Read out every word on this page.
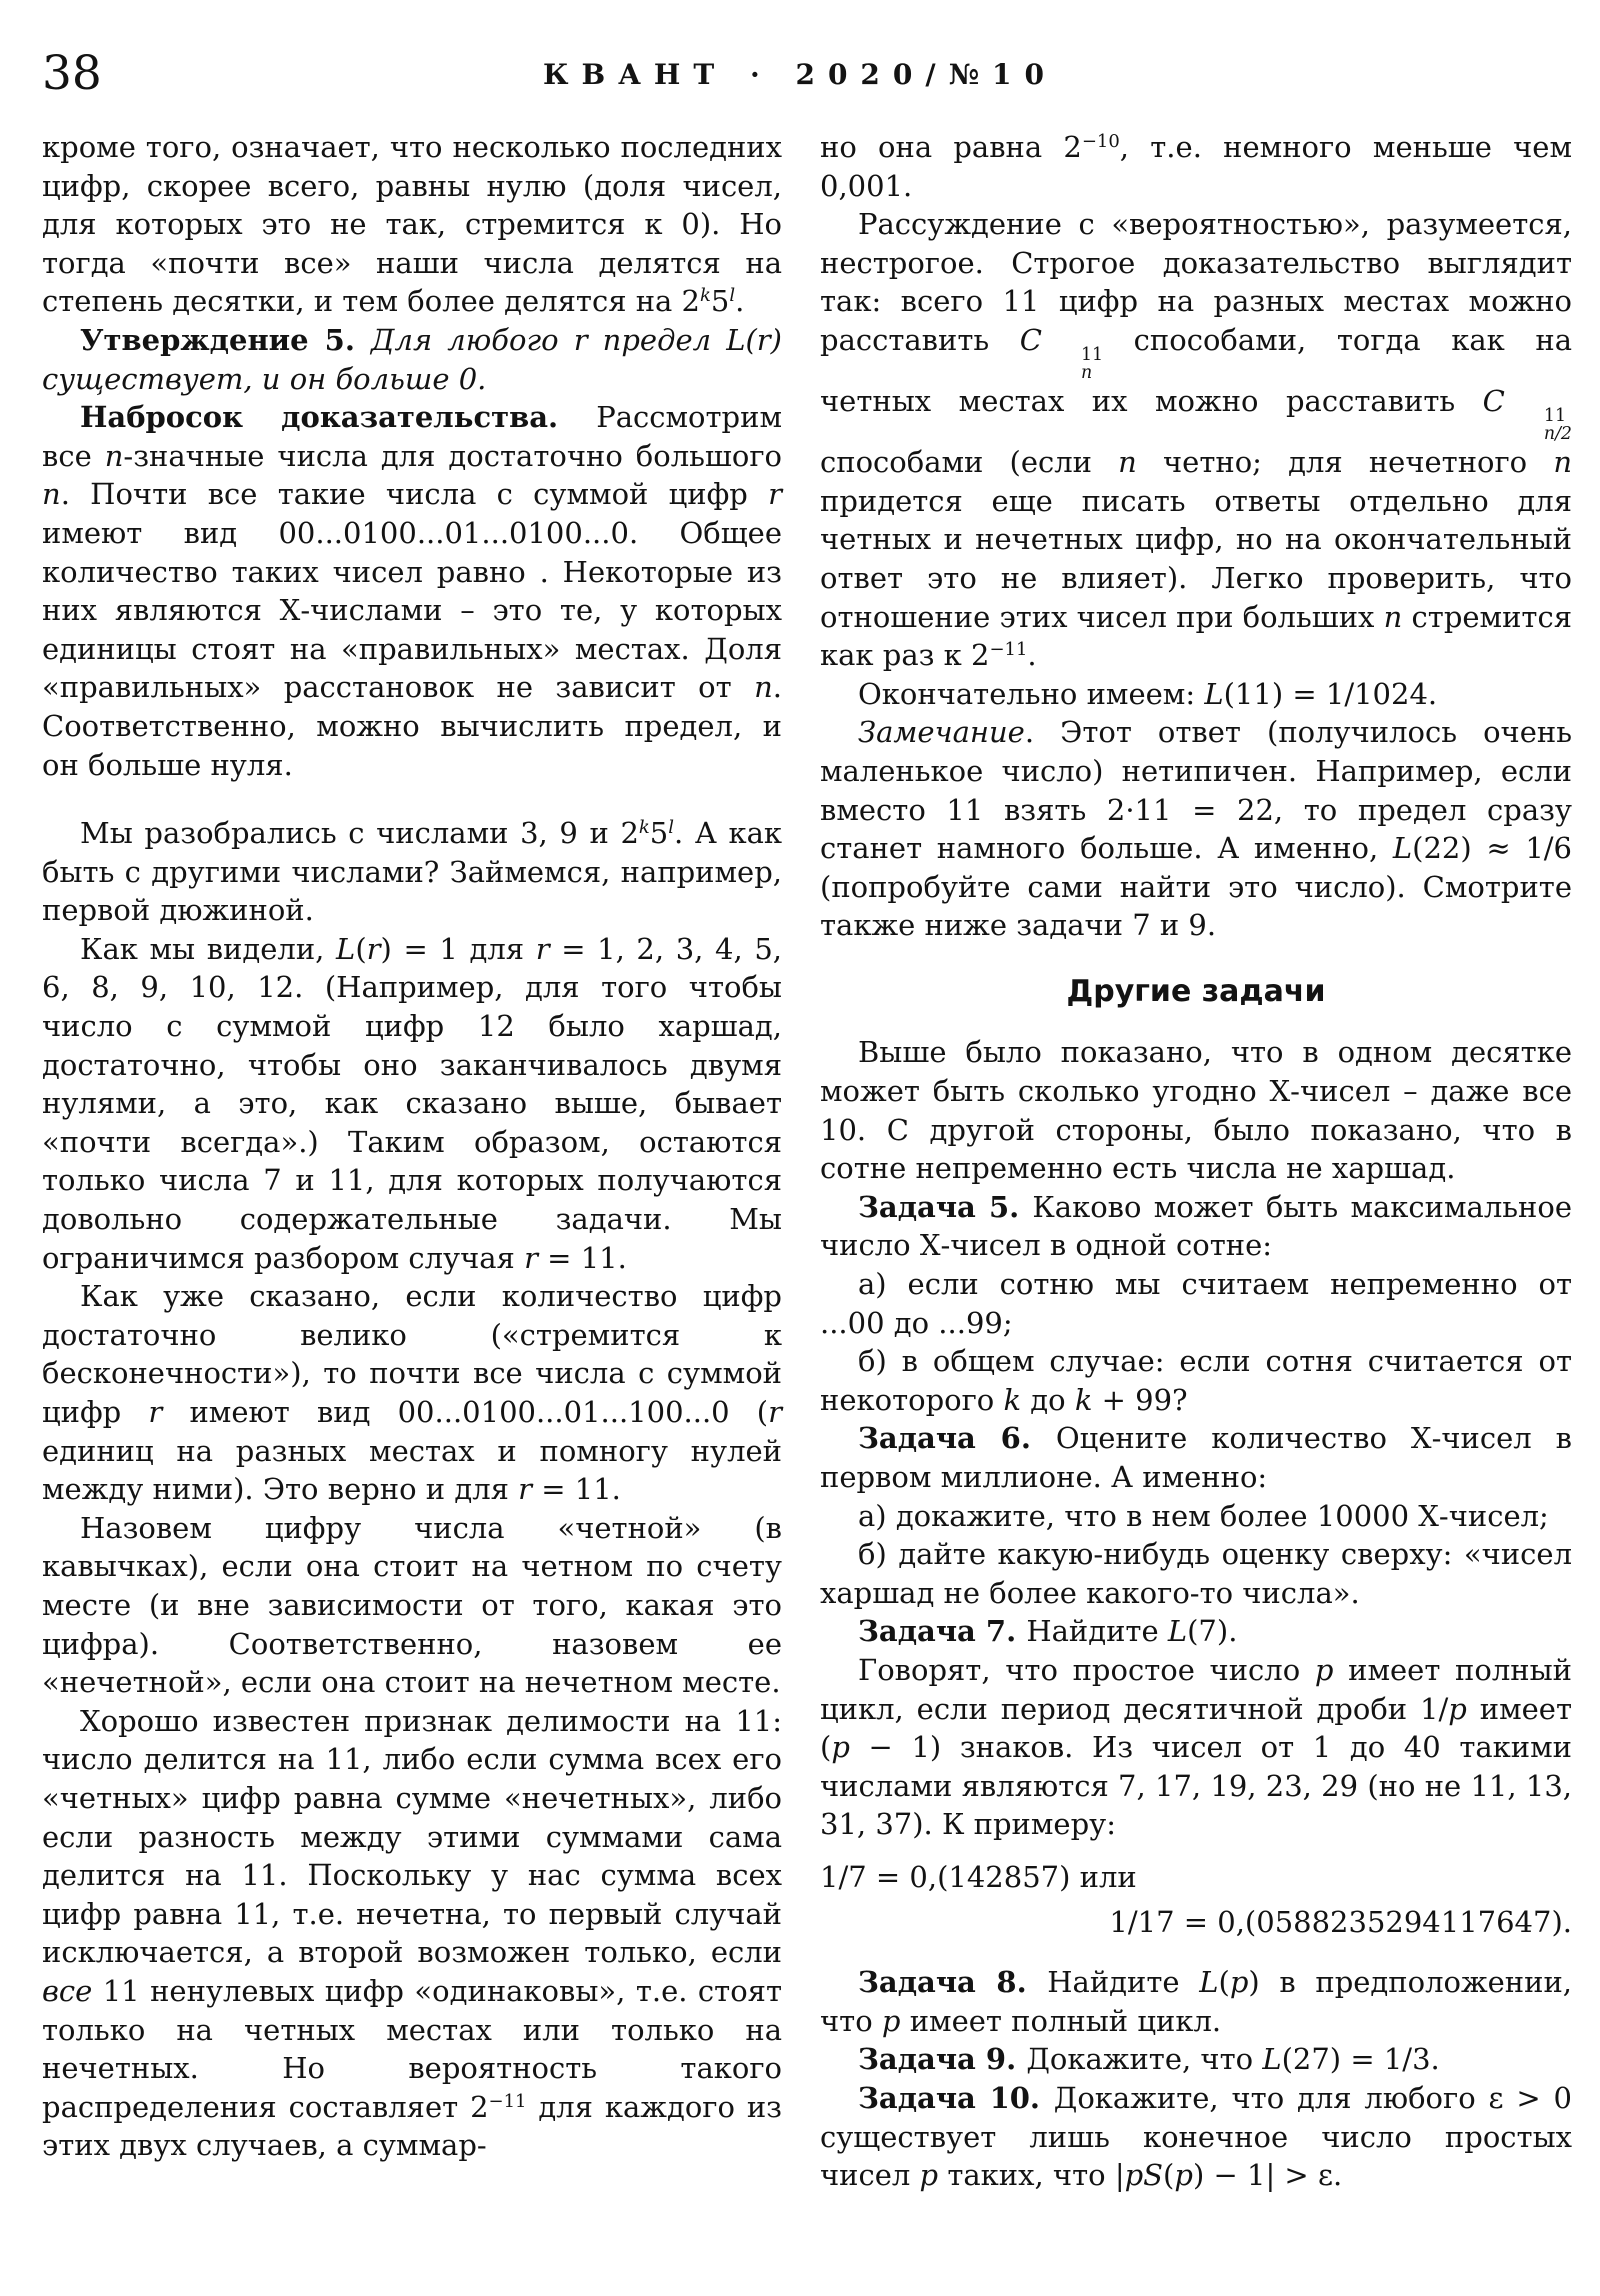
38	КВАНТ · 2020/№10

кроме того, означает, что несколько последних цифр, скорее всего, равны нулю (доля чисел, для которых это не так, стремится к 0). Но тогда «почти все» наши числа делятся на степень десятки, и тем более делятся на 2$^k$5$^l$.

Утверждение 5. Для любого r предел L(r) существует, и он больше 0.

Набросок доказательства. Рассмотрим все n-значные числа для достаточно большого n. Почти все такие числа с суммой цифр r имеют вид 00...0100...01...0100...0. Общее количество таких чисел равно . Некоторые из них являются Х-числами – это те, у которых единицы стоят на «правильных» местах. Доля «правильных» расстановок не зависит от n. Соответственно, можно вычислить предел, и он больше нуля.

Мы разобрались с числами 3, 9 и 2$^k$5$^l$. А как быть с другими числами? Займемся, например, первой дюжиной.

Как мы видели, L(r) = 1 для r = 1, 2, 3, 4, 5, 6, 8, 9, 10, 12. (Например, для того чтобы число с суммой цифр 12 было харшад, достаточно, чтобы оно заканчивалось двумя нулями, а это, как сказано выше, бывает «почти всегда».) Таким образом, остаются только числа 7 и 11, для которых получаются довольно содержательные задачи. Мы ограничимся разбором случая r = 11.

Как уже сказано, если количество цифр достаточно велико («стремится к бесконечности»), то почти все числа с суммой цифр r имеют вид 00...0100...01...100...0 (r единиц на разных местах и помногу нулей между ними). Это верно и для r = 11.

Назовем цифру числа «четной» (в кавычках), если она стоит на четном по счету месте (и вне зависимости от того, какая это цифра). Соответственно, назовем ее «нечетной», если она стоит на нечетном месте.

Хорошо известен признак делимости на 11: число делится на 11, либо если сумма всех его «четных» цифр равна сумме «нечетных», либо если разность между этими суммами сама делится на 11. Поскольку у нас сумма всех цифр равна 11, т.е. нечетна, то первый случай исключается, а второй возможен только, если все 11 ненулевых цифр «одинаковы», т.е. стоят только на четных местах или только на нечетных. Но вероятность такого распределения составляет $2^{-11}$ для каждого из этих двух случаев, а суммар-

но она равна $2^{-10}$, т.е. немного меньше чем 0,001.

Рассуждение с «вероятностью», разумеется, нестрогое. Строгое доказательство выглядит так: всего 11 цифр на разных местах можно расставить C	11
n
способами, тогда как на четных местах их можно расставить C	11
n/2
способами (если n четно; для нечетного n придется еще писать ответы отдельно для четных и нечетных цифр, но на окончательный ответ это не влияет). Легко проверить, что отношение этих чисел при больших n стремится как раз к $2^{-11}$.

Окончательно имеем: L(11) = 1/1024.

Замечание. Этот ответ (получилось очень маленькое число) нетипичен. Например, если вместо 11 взять 2·11 = 22, то предел сразу станет намного больше. А именно, L(22) ≈ 1/6 (попробуйте сами найти это число). Смотрите также ниже задачи 7 и 9.

Другие задачи

Выше было показано, что в одном десятке может быть сколько угодно Х-чисел – даже все 10. С другой стороны, было показано, что в сотне непременно есть числа не харшад.

Задача 5. Каково может быть максимальное число Х-чисел в одной сотне:

а) если сотню мы считаем непременно от ...00 до ...99;

б) в общем случае: если сотня считается от некоторого k до k + 99?

Задача 6. Оцените количество Х-чисел в первом миллионе. А именно:

а) докажите, что в нем более 10000 Х-чисел;

б) дайте какую-нибудь оценку сверху: «чисел харшад не более какого-то числа».

Задача 7. Найдите L(7).

Говорят, что простое число p имеет полный цикл, если период десятичной дроби 1/p имеет (p − 1) знаков. Из чисел от 1 до 40 такими числами являются 7, 17, 19, 23, 29 (но не 11, 13, 31, 37). К примеру:

1/7 = 0,(142857) или

1/17 = 0,(0588235294117647).

Задача 8. Найдите L(p) в предположении, что p имеет полный цикл.

Задача 9. Докажите, что L(27) = 1/3.

Задача 10. Докажите, что для любого ε > 0 существует лишь конечное число простых чисел p таких, что |pS(p) − 1| > ε.
